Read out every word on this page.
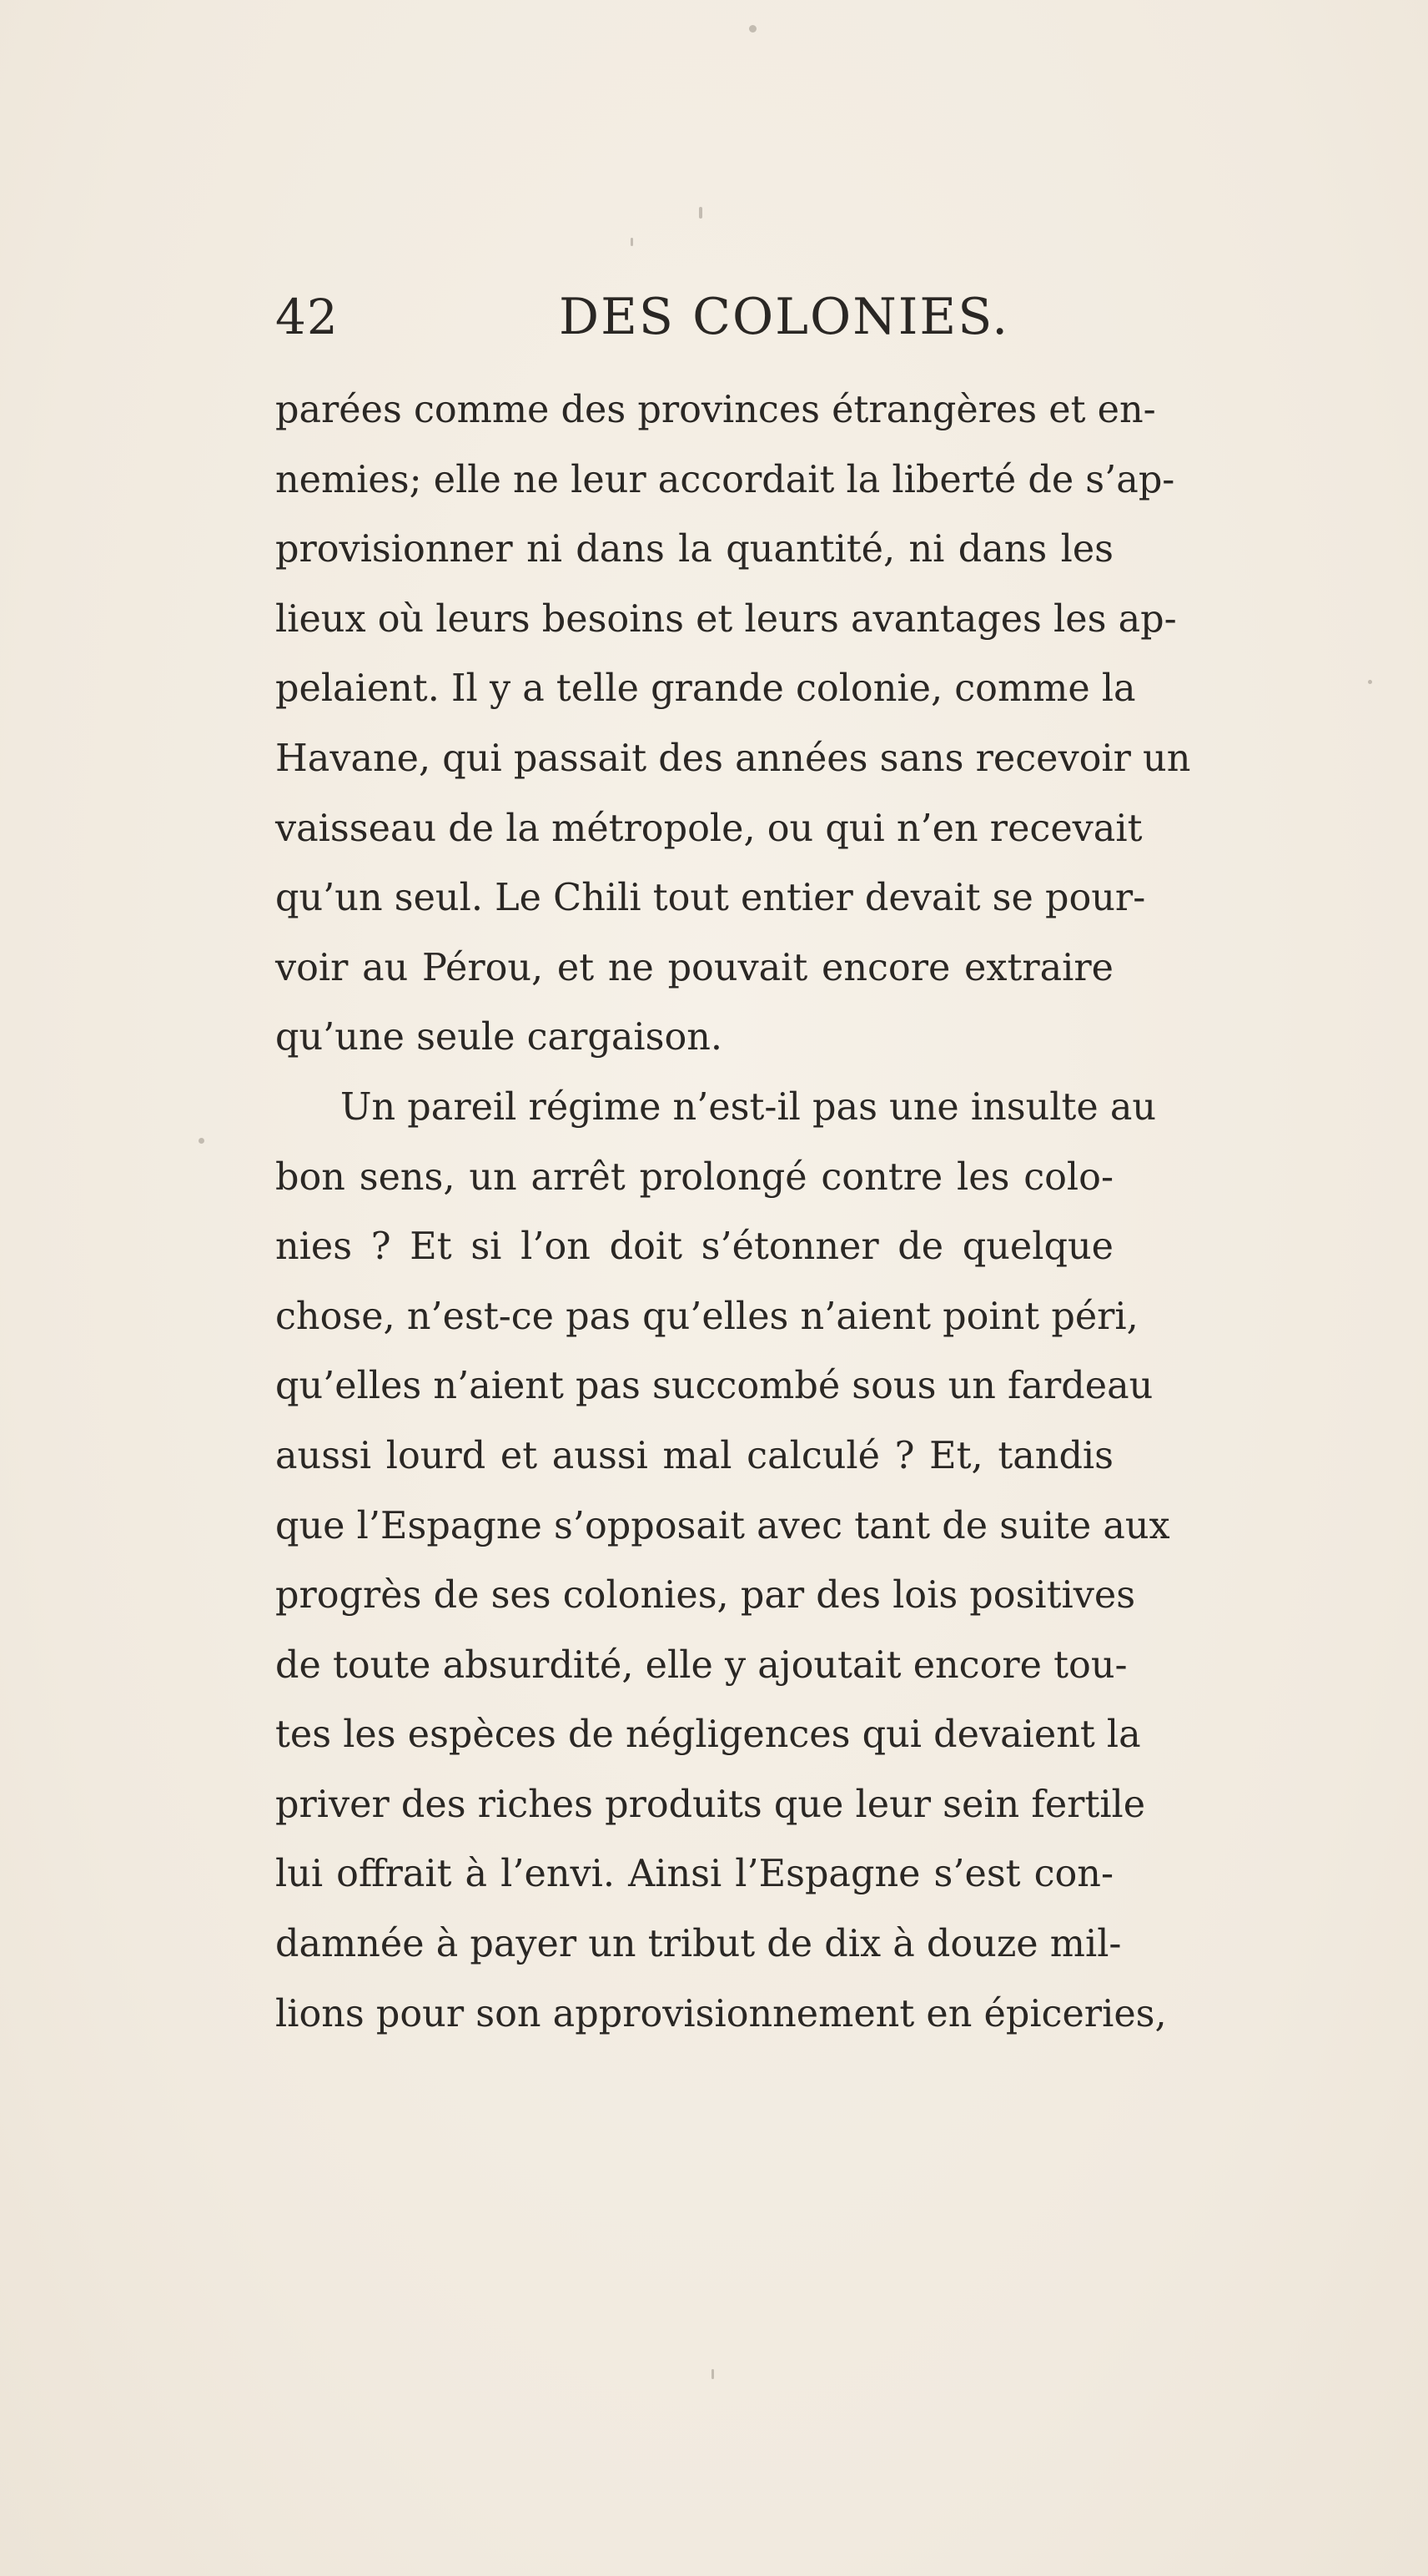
42	DES COLONIES.
parées comme des provinces étrangères et en-
nemies; elle ne leur accordait la liberté de s’ap-
provisionner ni dans la quantité, ni dans les
lieux où leurs besoins et leurs avantages les ap-
pelaient. Il y a telle grande colonie, comme la
Havane, qui passait des années sans recevoir un
vaisseau de la métropole, ou qui n’en recevait
qu’un seul. Le Chili tout entier devait se pour-
voir au Pérou, et ne pouvait encore extraire
qu’une seule cargaison.
Un pareil régime n’est-il pas une insulte au
bon sens, un arrêt prolongé contre les colo-
nies ? Et si l’on doit s’étonner de quelque
chose, n’est-ce pas qu’elles n’aient point péri,
qu’elles n’aient pas succombé sous un fardeau
aussi lourd et aussi mal calculé ? Et, tandis
que l’Espagne s’opposait avec tant de suite aux
progrès de ses colonies, par des lois positives
de toute absurdité, elle y ajoutait encore tou-
tes les espèces de négligences qui devaient la
priver des riches produits que leur sein fertile
lui offrait à l’envi. Ainsi l’Espagne s’est con-
damnée à payer un tribut de dix à douze mil-
lions pour son approvisionnement en épiceries,
